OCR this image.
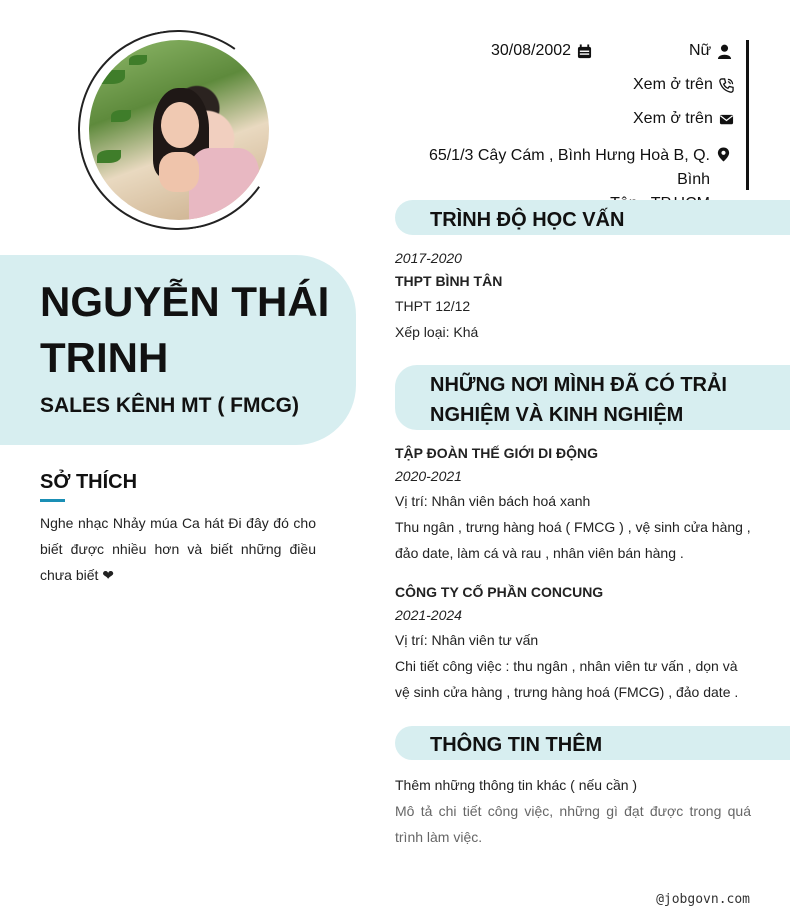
NGUYỄN THÁI TRINH
SALES KÊNH MT ( FMCG)
SỞ THÍCH
Nghe nhạc Nhảy múa Ca hát Đi đây đó cho biết được nhiều hơn và biết những điều chưa biết ❤
30/08/2002	Nữ
Xem ở trên
Xem ở trên
65/1/3 Cây Cám , Bình Hưng Hoà B, Q. Bình

TRÌNH ĐỘ HỌC VẤN
2017-2020
THPT BÌNH TÂN
THPT 12/12
Xếp loại: Khá
NHỮNG NƠI MÌNH ĐÃ CÓ TRẢI
NGHIỆM VÀ KINH NGHIỆM
TẬP ĐOÀN THẾ GIỚI DI ĐỘNG
2020-2021
Vị trí: Nhân viên bách hoá xanh
Thu ngân , trưng hàng hoá ( FMCG ) , vệ sinh cửa hàng , đảo date, làm cá và rau , nhân viên bán hàng .
CÔNG TY CỐ PHẦN CONCUNG
2021-2024
Vị trí: Nhân viên tư vấn
Chi tiết công việc : thu ngân , nhân viên tư vấn , dọn và vệ sinh cửa hàng , trưng hàng hoá (FMCG) , đảo date .
THÔNG TIN THÊM
Thêm những thông tin khác ( nếu cần )
Mô tả chi tiết công việc, những gì đạt được trong quá trình làm việc.
@jobgovn.com
